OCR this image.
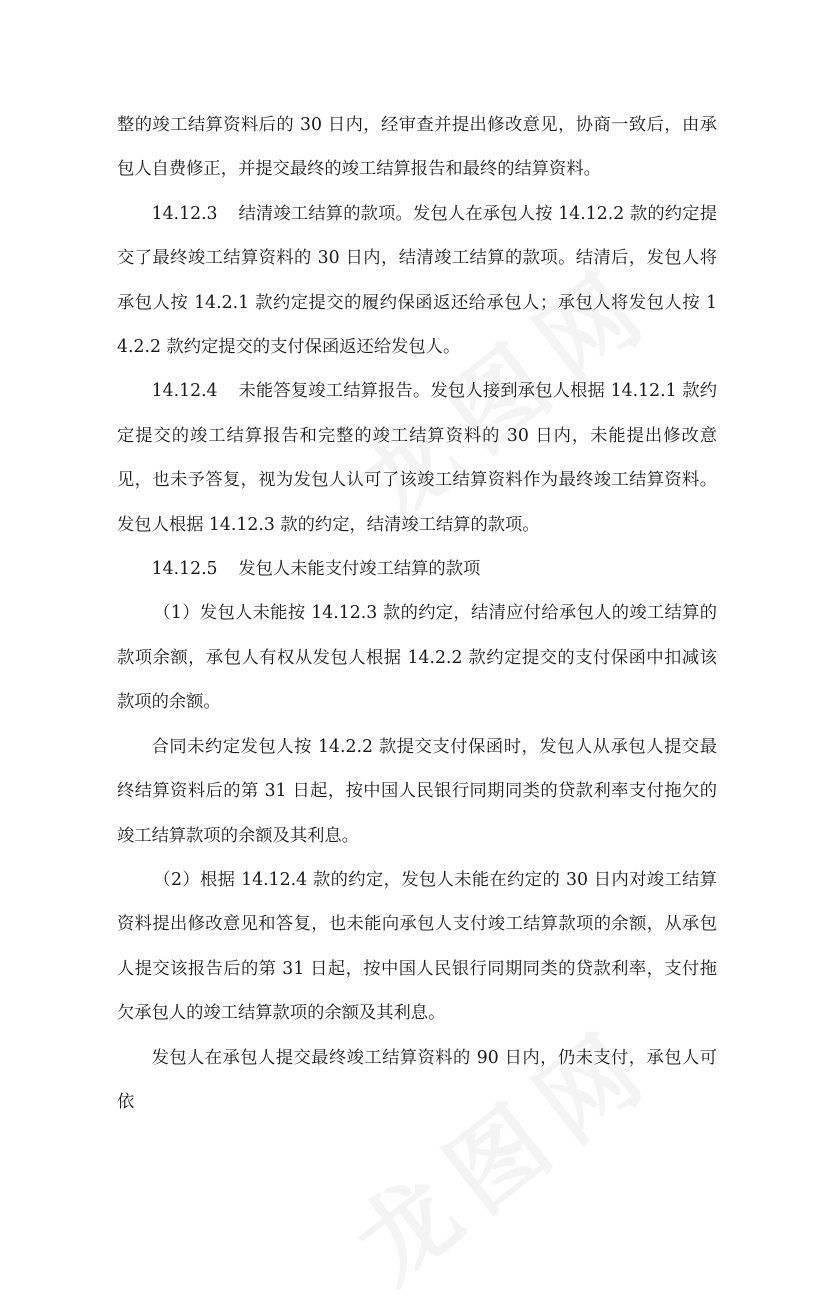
整的竣工结算资料后的 30 日内，经审查并提出修改意见，协商一致后，由承包人自费修正，并提交最终的竣工结算报告和最终的结算资料。

14.12.3 结清竣工结算的款项。发包人在承包人按 14.12.2 款的约定提交了最终竣工结算资料的 30 日内，结清竣工结算的款项。结清后，发包人将承包人按 14.2.1 款约定提交的履约保函返还给承包人；承包人将发包人按 14.2.2 款约定提交的支付保函返还给发包人。

14.12.4 未能答复竣工结算报告。发包人接到承包人根据 14.12.1 款约定提交的竣工结算报告和完整的竣工结算资料的 30 日内，未能提出修改意见，也未予答复，视为发包人认可了该竣工结算资料作为最终竣工结算资料。发包人根据 14.12.3 款的约定，结清竣工结算的款项。

14.12.5 发包人未能支付竣工结算的款项

（1）发包人未能按 14.12.3 款的约定，结清应付给承包人的竣工结算的款项余额，承包人有权从发包人根据 14.2.2 款约定提交的支付保函中扣减该款项的余额。

合同未约定发包人按 14.2.2 款提交支付保函时，发包人从承包人提交最终结算资料后的第 31 日起，按中国人民银行同期同类的贷款利率支付拖欠的竣工结算款项的余额及其利息。

（2）根据 14.12.4 款的约定，发包人未能在约定的 30 日内对竣工结算资料提出修改意见和答复，也未能向承包人支付竣工结算款项的余额，从承包人提交该报告后的第 31 日起，按中国人民银行同期同类的贷款利率，支付拖欠承包人的竣工结算款项的余额及其利息。

发包人在承包人提交最终竣工结算资料的 90 日内，仍未支付，承包人可依
